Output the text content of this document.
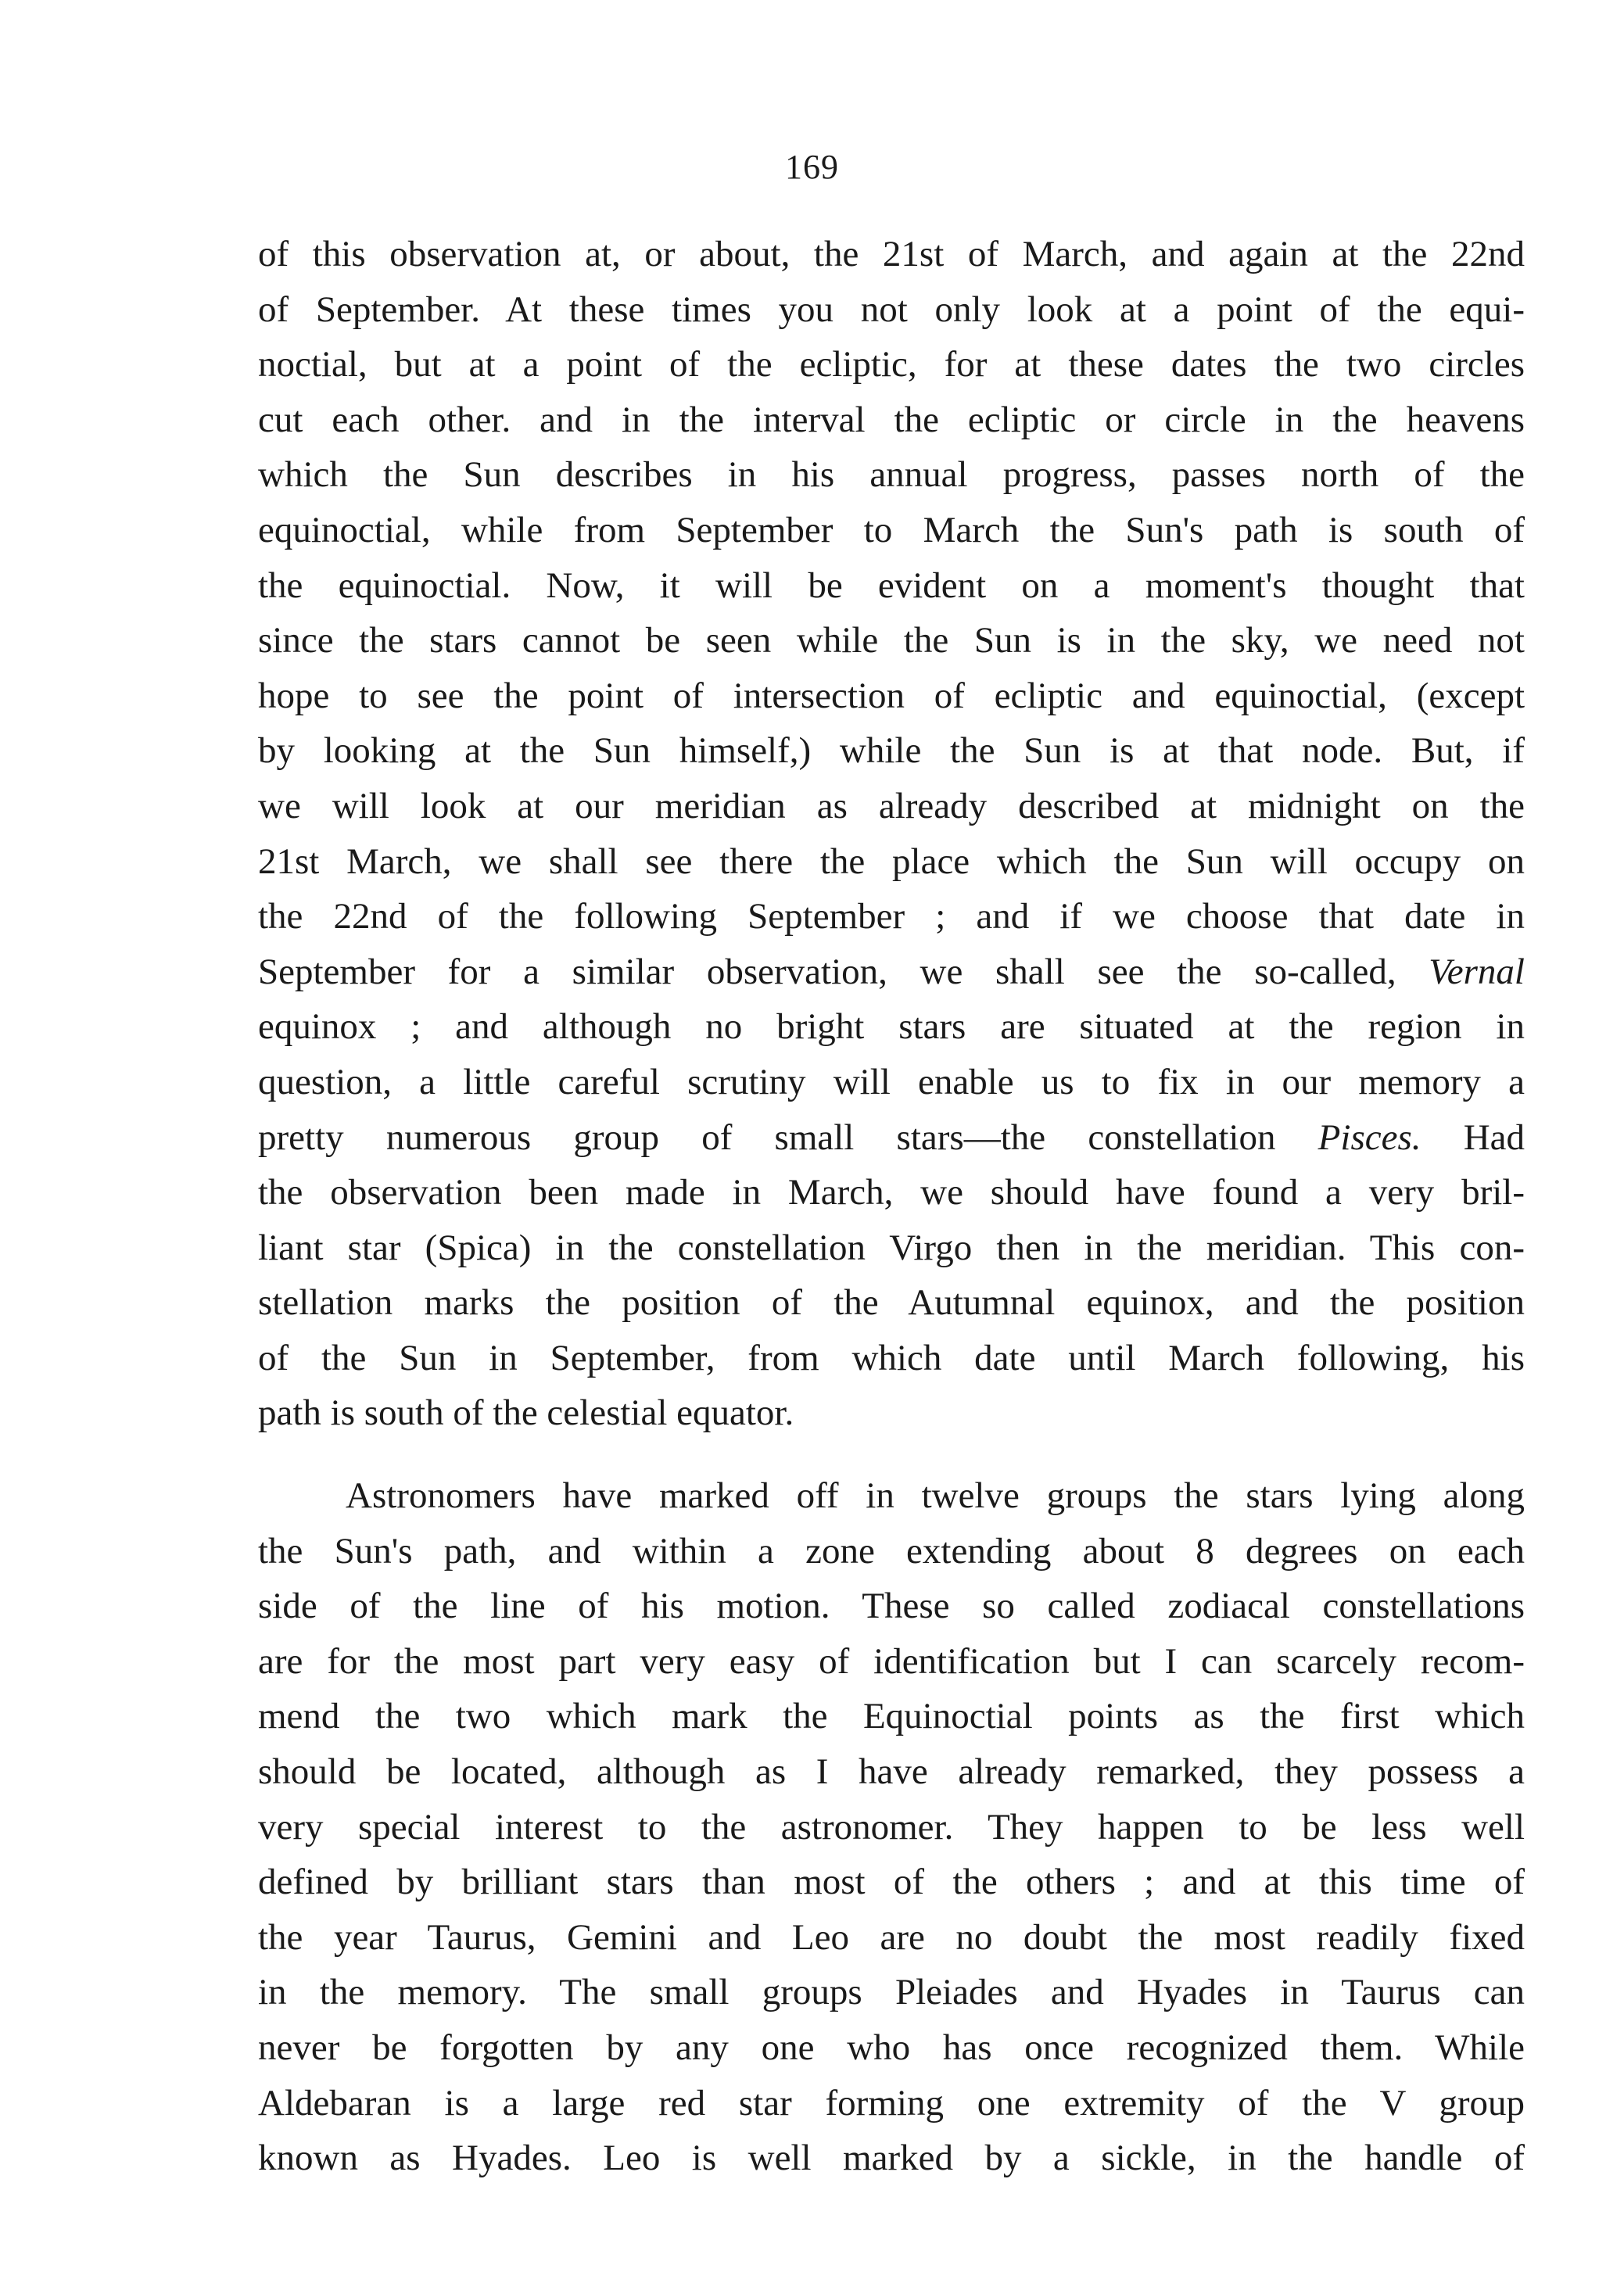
169
of this observation at, or about, the 21st of March, and again at the 22nd
of September. At these times you not only look at a point of the equi-
noctial, but at a point of the ecliptic, for at these dates the two circles
cut each other. and in the interval the ecliptic or circle in the heavens
which the Sun describes in his annual progress, passes north of the
equinoctial, while from September to March the Sun's path is south of
the equinoctial. Now, it will be evident on a moment's thought that
since the stars cannot be seen while the Sun is in the sky, we need not
hope to see the point of intersection of ecliptic and equinoctial, (except
by looking at the Sun himself,) while the Sun is at that node. But, if
we will look at our meridian as already described at midnight on the
21st March, we shall see there the place which the Sun will occupy on
the 22nd of the following September ; and if we choose that date in
September for a similar observation, we shall see the so-called, Vernal
equinox ; and although no bright stars are situated at the region in
question, a little careful scrutiny will enable us to fix in our memory a
pretty numerous group of small stars—the constellation Pisces. Had
the observation been made in March, we should have found a very bril-
liant star (Spica) in the constellation Virgo then in the meridian. This con-
stellation marks the position of the Autumnal equinox, and the position
of the Sun in September, from which date until March following, his
path is south of the celestial equator.
Astronomers have marked off in twelve groups the stars lying along
the Sun's path, and within a zone extending about 8 degrees on each
side of the line of his motion. These so called zodiacal constellations
are for the most part very easy of identification but I can scarcely recom-
mend the two which mark the Equinoctial points as the first which
should be located, although as I have already remarked, they possess a
very special interest to the astronomer. They happen to be less well
defined by brilliant stars than most of the others ; and at this time of
the year Taurus, Gemini and Leo are no doubt the most readily fixed
in the memory. The small groups Pleiades and Hyades in Taurus can
never be forgotten by any one who has once recognized them. While
Aldebaran is a large red star forming one extremity of the V group
known as Hyades. Leo is well marked by a sickle, in the handle of
